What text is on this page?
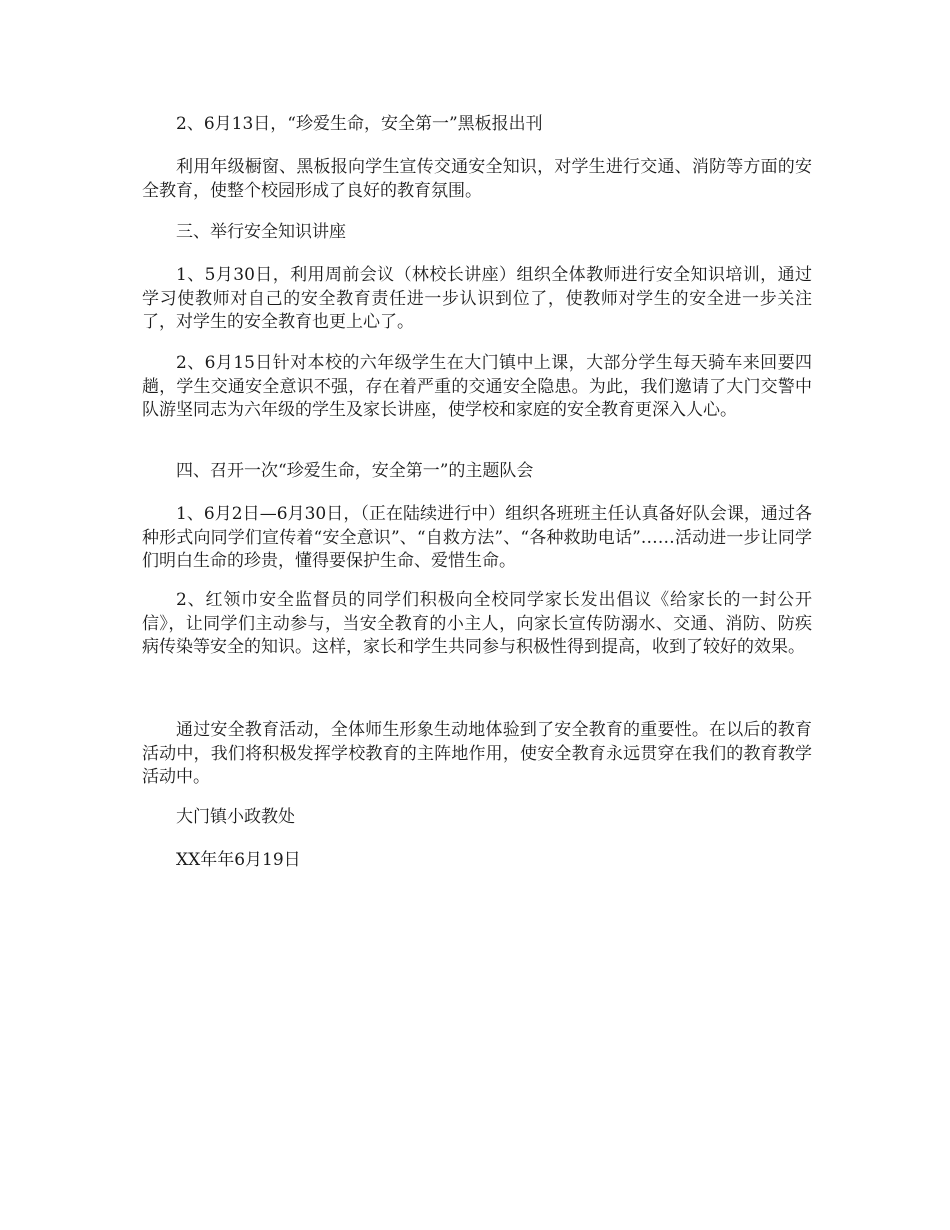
2、6月13日，“珍爱生命，安全第一”黑板报出刊

利用年级橱窗、黑板报向学生宣传交通安全知识，对学生进行交通、消防等方面的安全教育，使整个校园形成了良好的教育氛围。

三、举行安全知识讲座

1、5月30日，利用周前会议（林校长讲座）组织全体教师进行安全知识培训，通过学习使教师对自己的安全教育责任进一步认识到位了，使教师对学生的安全进一步关注了，对学生的安全教育也更上心了。

2、6月15日针对本校的六年级学生在大门镇中上课，大部分学生每天骑车来回要四趟，学生交通安全意识不强，存在着严重的交通安全隐患。为此，我们邀请了大门交警中队游坚同志为六年级的学生及家长讲座，使学校和家庭的安全教育更深入人心。

四、召开一次“珍爱生命，安全第一”的主题队会

1、6月2日—6月30日，（正在陆续进行中）组织各班班主任认真备好队会课，通过各种形式向同学们宣传着“安全意识”、“自救方法”、“各种救助电话”……活动进一步让同学们明白生命的珍贵，懂得要保护生命、爱惜生命。

2、红领巾安全监督员的同学们积极向全校同学家长发出倡议《给家长的一封公开信》，让同学们主动参与，当安全教育的小主人，向家长宣传防溺水、交通、消防、防疾病传染等安全的知识。这样，家长和学生共同参与积极性得到提高，收到了较好的效果。

通过安全教育活动，全体师生形象生动地体验到了安全教育的重要性。在以后的教育活动中，我们将积极发挥学校教育的主阵地作用，使安全教育永远贯穿在我们的教育教学活动中。

大门镇小政教处

XX年年6月19日
